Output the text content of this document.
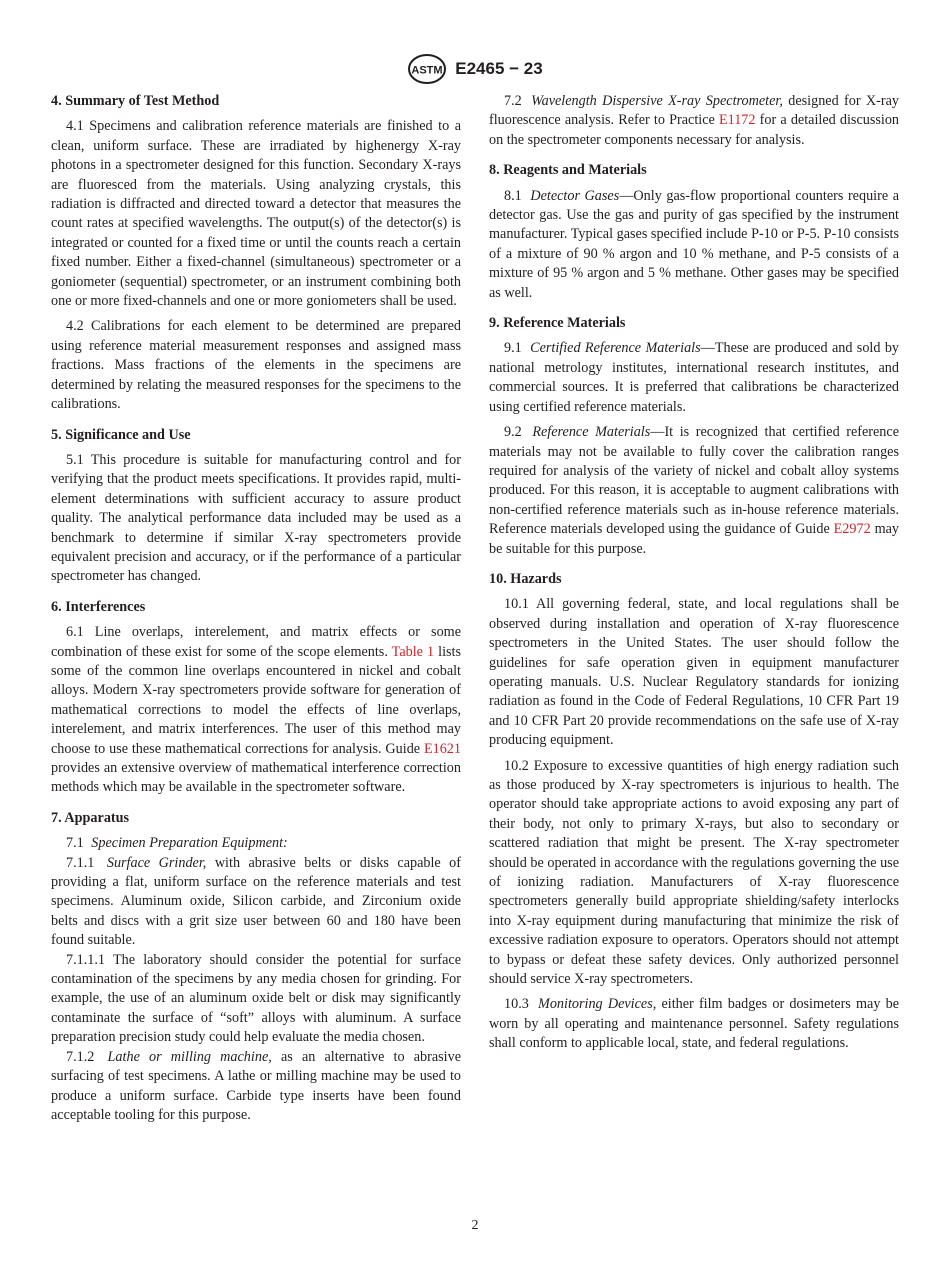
ASTM E2465 − 23
4. Summary of Test Method

4.1 Specimens and calibration reference materials are finished to a clean, uniform surface. These are irradiated by highenergy X-ray photons in a spectrometer designed for this function. Secondary X-rays are fluoresced from the materials. Using analyzing crystals, this radiation is diffracted and directed toward a detector that measures the count rates at specified wavelengths. The output(s) of the detector(s) is integrated or counted for a fixed time or until the counts reach a certain fixed number. Either a fixed-channel (simultaneous) spectrometer or a goniometer (sequential) spectrometer, or an instrument combining both one or more fixed-channels and one or more goniometers shall be used.

4.2 Calibrations for each element to be determined are prepared using reference material measurement responses and assigned mass fractions. Mass fractions of the elements in the specimens are determined by relating the measured responses for the specimens to the calibrations.

5. Significance and Use

5.1 This procedure is suitable for manufacturing control and for verifying that the product meets specifications. It provides rapid, multi-element determinations with sufficient accuracy to assure product quality. The analytical performance data included may be used as a benchmark to determine if similar X-ray spectrometers provide equivalent precision and accuracy, or if the performance of a particular spectrometer has changed.

6. Interferences

6.1 Line overlaps, interelement, and matrix effects or some combination of these exist for some of the scope elements. Table 1 lists some of the common line overlaps encountered in nickel and cobalt alloys. Modern X-ray spectrometers provide software for generation of mathematical corrections to model the effects of line overlaps, interelement, and matrix interferences. The user of this method may choose to use these mathematical corrections for analysis. Guide E1621 provides an extensive overview of mathematical interference correction methods which may be available in the spectrometer software.

7. Apparatus

7.1 Specimen Preparation Equipment:

7.1.1 Surface Grinder, with abrasive belts or disks capable of providing a flat, uniform surface on the reference materials and test specimens. Aluminum oxide, Silicon carbide, and Zirconium oxide belts and discs with a grit size user between 60 and 180 have been found suitable.

7.1.1.1 The laboratory should consider the potential for surface contamination of the specimens by any media chosen for grinding. For example, the use of an aluminum oxide belt or disk may significantly contaminate the surface of “soft” alloys with aluminum. A surface preparation precision study could help evaluate the media chosen.

7.1.2 Lathe or milling machine, as an alternative to abrasive surfacing of test specimens. A lathe or milling machine may be used to produce a uniform surface. Carbide type inserts have been found acceptable tooling for this purpose.

7.2 Wavelength Dispersive X-ray Spectrometer, designed for X-ray fluorescence analysis. Refer to Practice E1172 for a detailed discussion on the spectrometer components necessary for analysis.

8. Reagents and Materials

8.1 Detector Gases—Only gas-flow proportional counters require a detector gas. Use the gas and purity of gas specified by the instrument manufacturer. Typical gases specified include P-10 or P-5. P-10 consists of a mixture of 90 % argon and 10 % methane, and P-5 consists of a mixture of 95 % argon and 5 % methane. Other gases may be specified as well.

9. Reference Materials

9.1 Certified Reference Materials—These are produced and sold by national metrology institutes, international research institutes, and commercial sources. It is preferred that calibrations be characterized using certified reference materials.

9.2 Reference Materials—It is recognized that certified reference materials may not be available to fully cover the calibration ranges required for analysis of the variety of nickel and cobalt alloy systems produced. For this reason, it is acceptable to augment calibrations with non-certified reference materials such as in-house reference materials. Reference materials developed using the guidance of Guide E2972 may be suitable for this purpose.

10. Hazards

10.1 All governing federal, state, and local regulations shall be observed during installation and operation of X-ray fluorescence spectrometers in the United States. The user should follow the guidelines for safe operation given in equipment manufacturer operating manuals. U.S. Nuclear Regulatory standards for ionizing radiation as found in the Code of Federal Regulations, 10 CFR Part 19 and 10 CFR Part 20 provide recommendations on the safe use of X-ray producing equipment.

10.2 Exposure to excessive quantities of high energy radiation such as those produced by X-ray spectrometers is injurious to health. The operator should take appropriate actions to avoid exposing any part of their body, not only to primary X-rays, but also to secondary or scattered radiation that might be present. The X-ray spectrometer should be operated in accordance with the regulations governing the use of ionizing radiation. Manufacturers of X-ray fluorescence spectrometers generally build appropriate shielding/safety interlocks into X-ray equipment during manufacturing that minimize the risk of excessive radiation exposure to operators. Operators should not attempt to bypass or defeat these safety devices. Only authorized personnel should service X-ray spectrometers.

10.3 Monitoring Devices, either film badges or dosimeters may be worn by all operating and maintenance personnel. Safety regulations shall conform to applicable local, state, and federal regulations.

2
